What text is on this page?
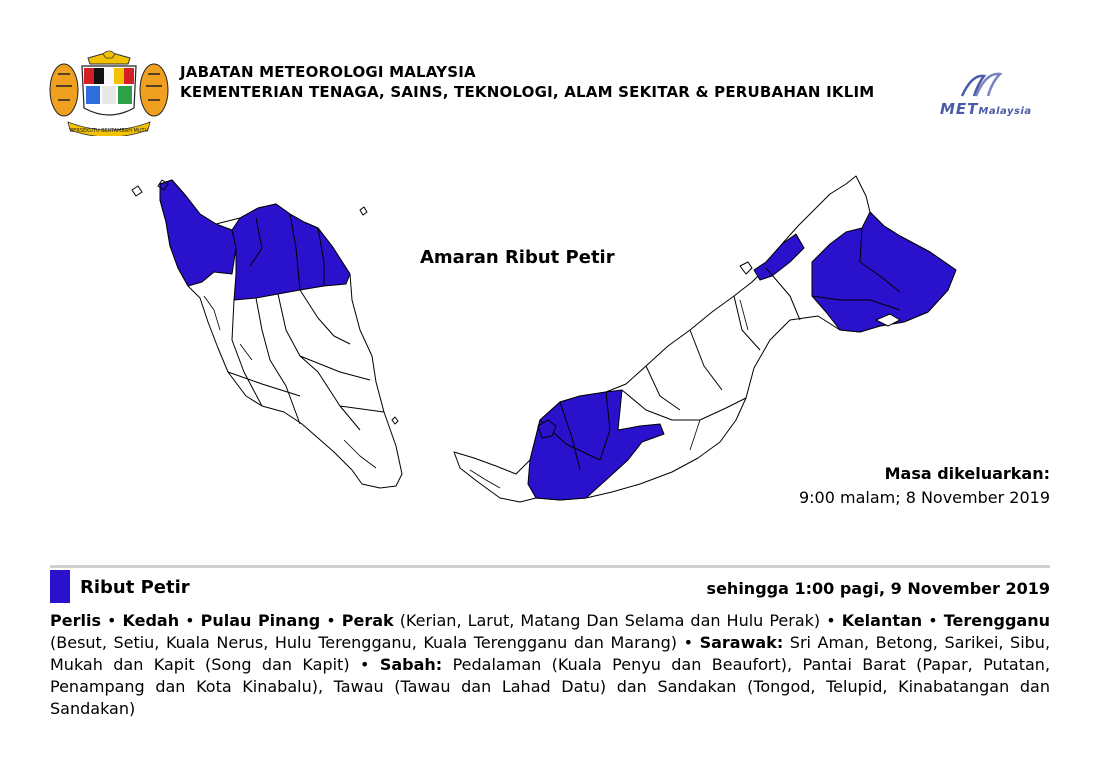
BERSEKUTU BERTAMBAH MUTU
JABATAN METEOROLOGI MALAYSIA
KEMENTERIAN TENAGA, SAINS, TEKNOLOGI, ALAM SEKITAR & PERUBAHAN IKLIM
METMalaysia
Amaran Ribut Petir
Masa dikeluarkan:
9:00 malam; 8 November 2019
Ribut Petir	sehingga 1:00 pagi, 9 November 2019
Perlis • Kedah • Pulau Pinang • Perak (Kerian, Larut, Matang Dan Selama dan Hulu Perak) • Kelantan • Terengganu (Besut, Setiu, Kuala Nerus, Hulu Terengganu, Kuala Terengganu dan Marang) • Sarawak: Sri Aman, Betong, Sarikei, Sibu, Mukah dan Kapit (Song dan Kapit) • Sabah: Pedalaman (Kuala Penyu dan Beaufort), Pantai Barat (Papar, Putatan, Penampang dan Kota Kinabalu), Tawau (Tawau dan Lahad Datu) dan Sandakan (Tongod, Telupid, Kinabatangan dan Sandakan)
